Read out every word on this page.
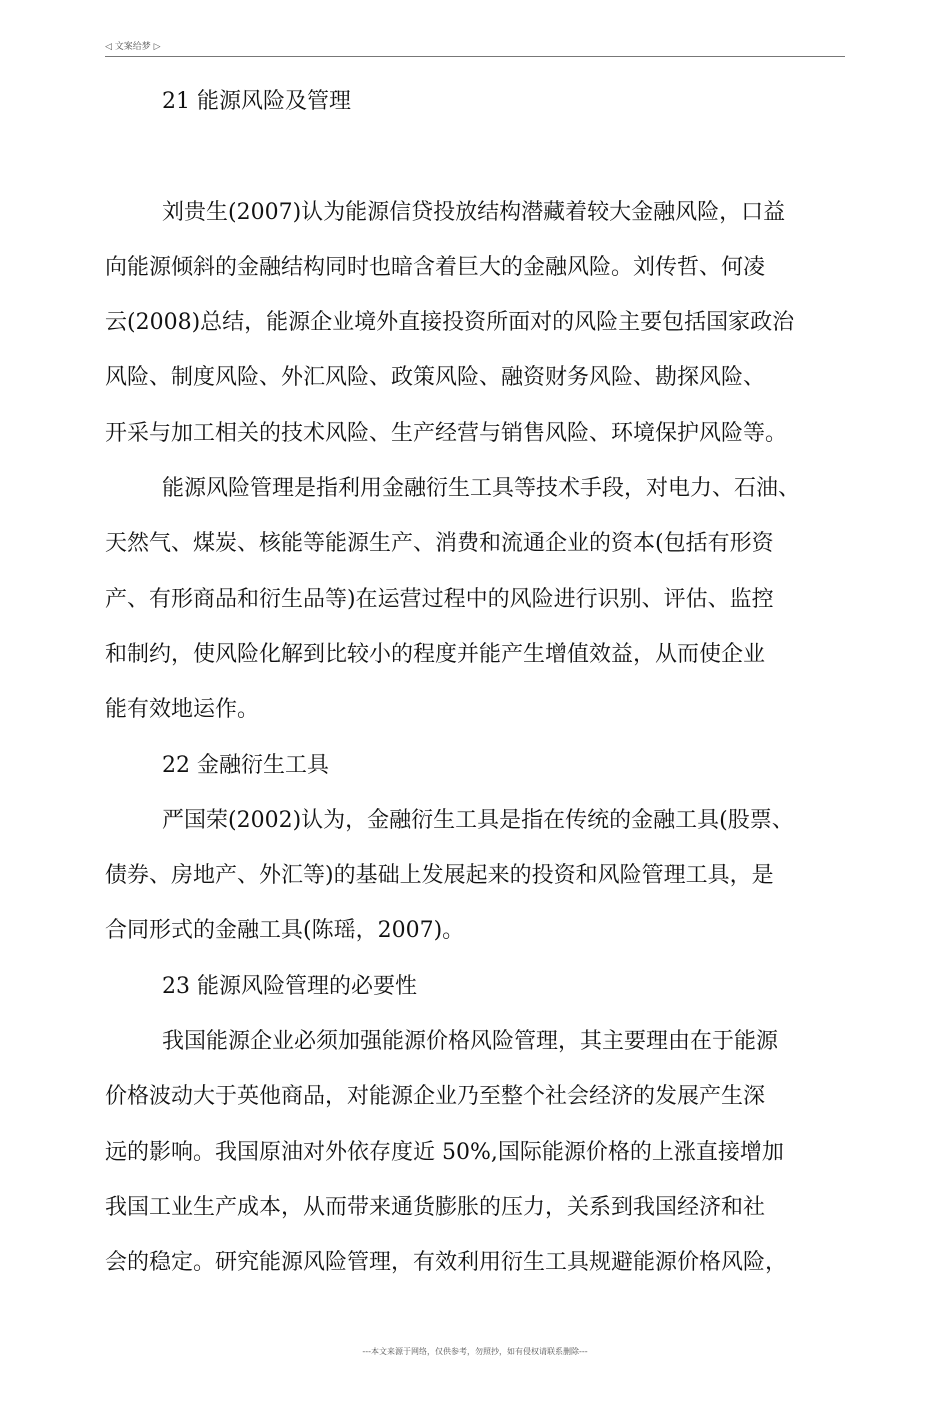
◁ 文案给梦 ▷
21 能源风险及管理
刘贵生(2007)认为能源信贷投放结构潜藏着较大金融风险，口益
向能源倾斜的金融结构同时也暗含着巨大的金融风险。刘传哲、何凌
云(2008)总结，能源企业境外直接投资所面对的风险主要包括国家政治
风险、制度风险、外汇风险、政策风险、融资财务风险、勘探风险、
开采与加工相关的技术风险、生产经营与销售风险、环境保护风险等。
能源风险管理是指利用金融衍生工具等技术手段，对电力、石油、
天然气、煤炭、核能等能源生产、消费和流通企业的资本(包括有形资
产、有形商品和衍生品等)在运营过程中的风险进行识别、评估、监控
和制约，使风险化解到比较小的程度并能产生增值效益，从而使企业
能有效地运作。
22 金融衍生工具
严国荣(2002)认为，金融衍生工具是指在传统的金融工具(股票、
债券、房地产、外汇等)的基础上发展起来的投资和风险管理工具，是
合同形式的金融工具(陈瑶，2007)。
23 能源风险管理的必要性
我国能源企业必须加强能源价格风险管理，其主要理由在于能源
价格波动大于英他商品，对能源企业乃至整个社会经济的发展产生深
远的影响。我国原油对外依存度近 50%,国际能源价格的上涨直接增加
我国工业生产成本，从而带来通货膨胀的压力，关系到我国经济和社
会的稳定。研究能源风险管理，有效利用衍生工具规避能源价格风险，
---本文来源于网络，仅供参考，勿照抄，如有侵权请联系删除---
